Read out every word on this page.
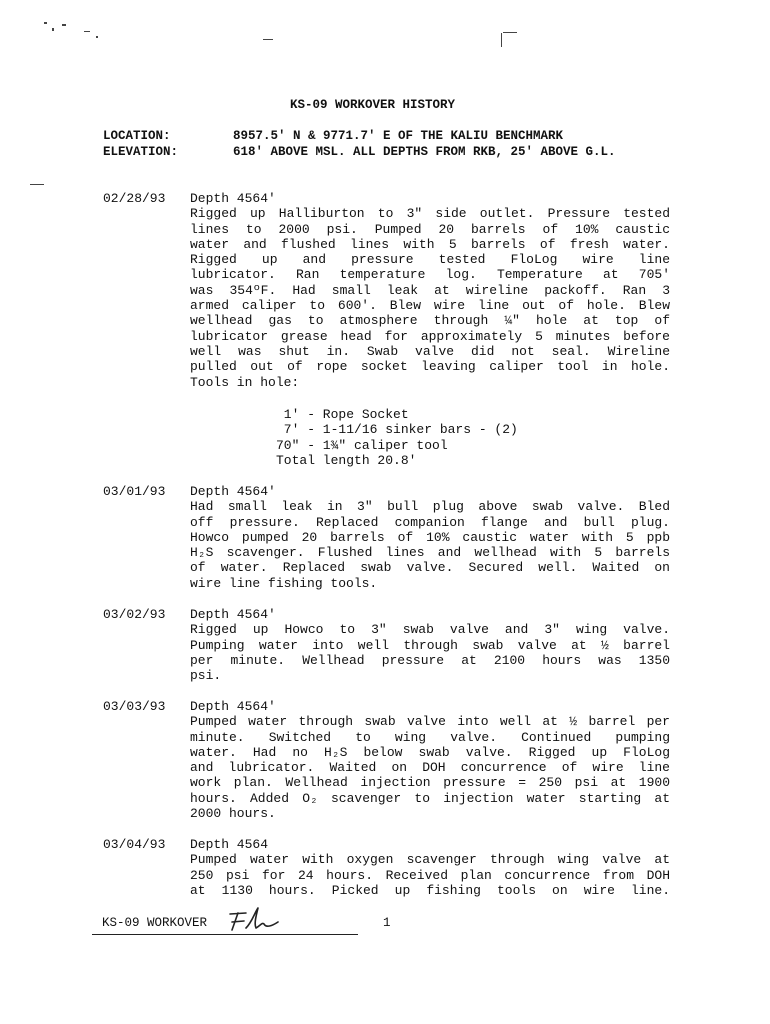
KS-09 WORKOVER HISTORY
LOCATION:	8957.5' N & 9771.7' E OF THE KALIU BENCHMARK
ELEVATION:	618' ABOVE MSL. ALL DEPTHS FROM RKB, 25' ABOVE G.L.
02/28/93 Depth 4564'
Rigged up Halliburton to 3" side outlet. Pressure tested
lines to 2000 psi. Pumped 20 barrels of 10% caustic
water and flushed lines with 5 barrels of fresh water.
Rigged up and pressure tested FloLog wire line
lubricator. Ran temperature log. Temperature at 705'
was 354ºF. Had small leak at wireline packoff. Ran 3
armed caliper to 600'. Blew wire line out of hole. Blew
wellhead gas to atmosphere through ¼" hole at top of
lubricator grease head for approximately 5 minutes before
well was shut in. Swab valve did not seal. Wireline
pulled out of rope socket leaving caliper tool in hole.
Tools in hole:
1' - Rope Socket
7' - 1-11/16 sinker bars - (2)
70" - 1¾" caliper tool
Total length 20.8'
03/01/93 Depth 4564'
Had small leak in 3" bull plug above swab valve. Bled
off pressure. Replaced companion flange and bull plug.
Howco pumped 20 barrels of 10% caustic water with 5 ppb
H₂S scavenger. Flushed lines and wellhead with 5 barrels
of water. Replaced swab valve. Secured well. Waited on
wire line fishing tools.
03/02/93 Depth 4564'
Rigged up Howco to 3" swab valve and 3" wing valve.
Pumping water into well through swab valve at ½ barrel
per minute. Wellhead pressure at 2100 hours was 1350
psi.
03/03/93 Depth 4564'
Pumped water through swab valve into well at ½ barrel per
minute. Switched to wing valve. Continued pumping
water. Had no H₂S below swab valve. Rigged up FloLog
and lubricator. Waited on DOH concurrence of wire line
work plan. Wellhead injection pressure = 250 psi at 1900
hours. Added O₂ scavenger to injection water starting at
2000 hours.
03/04/93 Depth 4564
Pumped water with oxygen scavenger through wing valve at
250 psi for 24 hours. Received plan concurrence from DOH
at 1130 hours. Picked up fishing tools on wire line.
KS-09 WORKOVER	1
